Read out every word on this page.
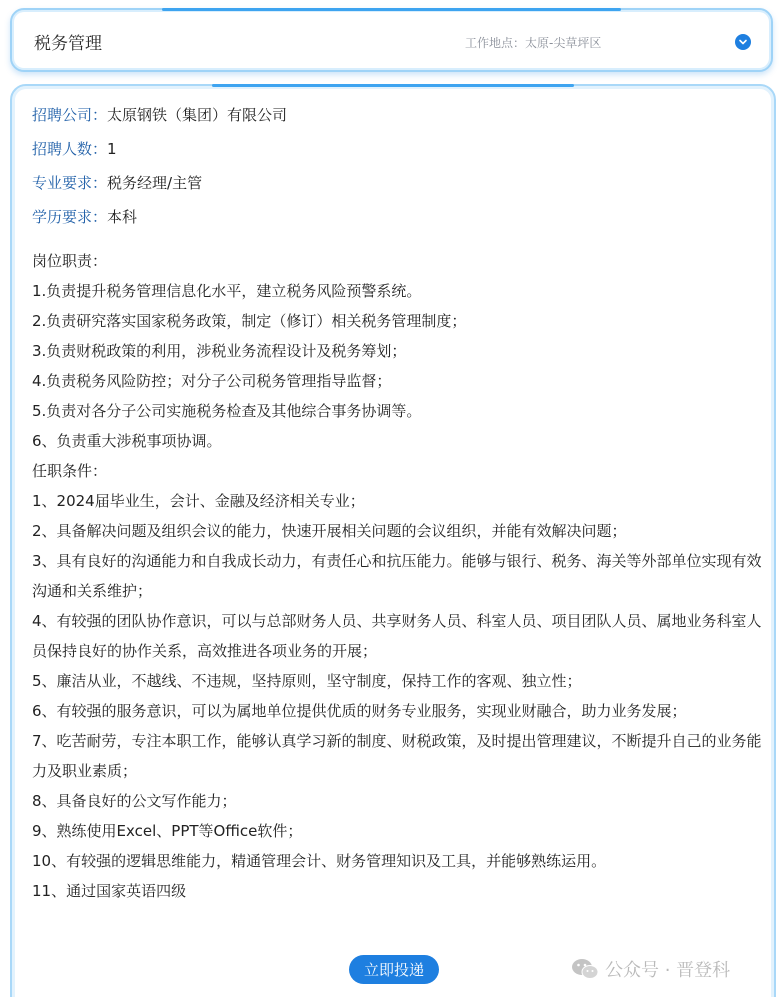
税务管理	工作地点：太原-尖草坪区
招聘公司：太原钢铁（集团）有限公司
招聘人数：1
专业要求：税务经理/主管
学历要求：本科
岗位职责：
1.负责提升税务管理信息化水平，建立税务风险预警系统。
2.负责研究落实国家税务政策，制定（修订）相关税务管理制度；
3.负责财税政策的利用，涉税业务流程设计及税务筹划；
4.负责税务风险防控；对分子公司税务管理指导监督；
5.负责对各分子公司实施税务检查及其他综合事务协调等。
6、负责重大涉税事项协调。
任职条件：
1、2024届毕业生，会计、金融及经济相关专业；
2、具备解决问题及组织会议的能力，快速开展相关问题的会议组织，并能有效解决问题；
3、具有良好的沟通能力和自我成长动力，有责任心和抗压能力。能够与银行、税务、海关等外部单位实现有效沟通和关系维护；
4、有较强的团队协作意识，可以与总部财务人员、共享财务人员、科室人员、项目团队人员、属地业务科室人员保持良好的协作关系，高效推进各项业务的开展；
5、廉洁从业，不越线、不违规，坚持原则，坚守制度，保持工作的客观、独立性；
6、有较强的服务意识，可以为属地单位提供优质的财务专业服务，实现业财融合，助力业务发展；
7、吃苦耐劳，专注本职工作，能够认真学习新的制度、财税政策，及时提出管理建议，不断提升自己的业务能力及职业素质；
8、具备良好的公文写作能力；
9、熟练使用Excel、PPT等Office软件；
10、有较强的逻辑思维能力，精通管理会计、财务管理知识及工具，并能够熟练运用。
11、通过国家英语四级
立即投递	公众号 · 晋登科
